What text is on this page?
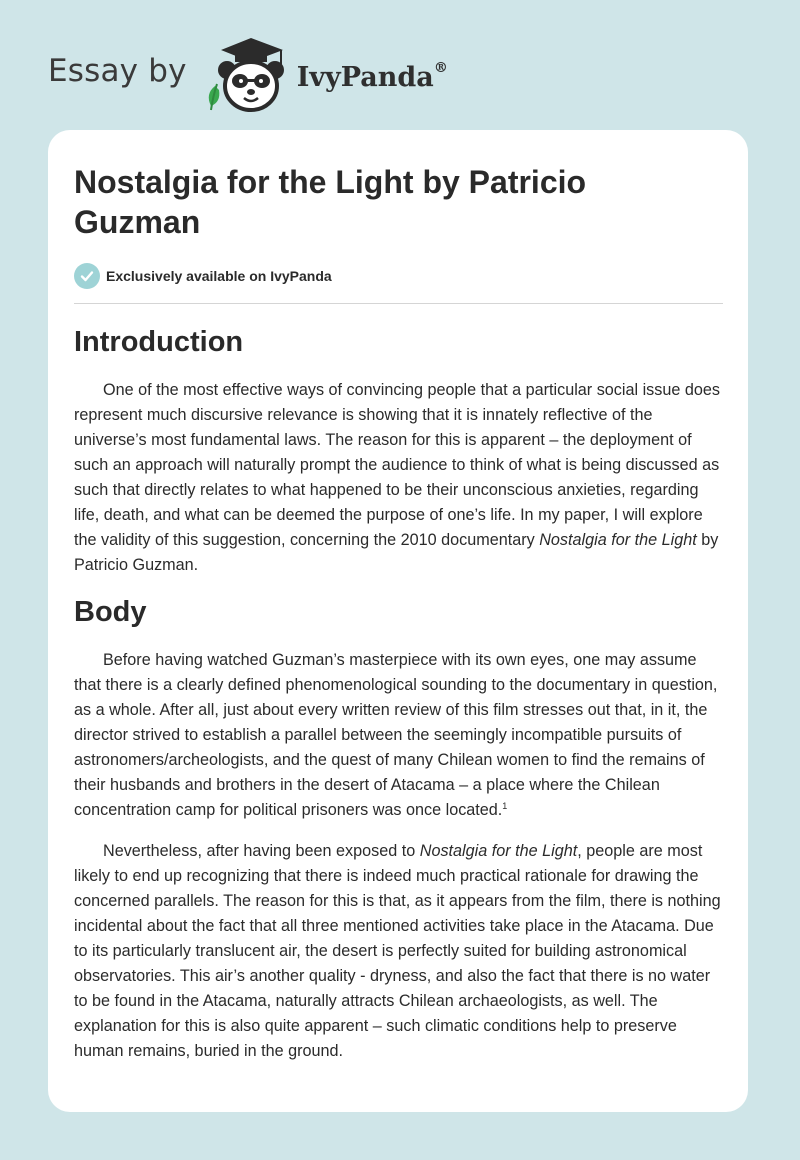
Essay by	IvyPanda®
Nostalgia for the Light by Patricio Guzman
Exclusively available on IvyPanda
Introduction

One of the most effective ways of convincing people that a particular social issue does represent much discursive relevance is showing that it is innately reflective of the universe’s most fundamental laws. The reason for this is apparent – the deployment of such an approach will naturally prompt the audience to think of what is being discussed as such that directly relates to what happened to be their unconscious anxieties, regarding life, death, and what can be deemed the purpose of one’s life. In my paper, I will explore the validity of this suggestion, concerning the 2010 documentary Nostalgia for the Light by Patricio Guzman.

Body

Before having watched Guzman’s masterpiece with its own eyes, one may assume that there is a clearly defined phenomenological sounding to the documentary in question, as a whole. After all, just about every written review of this film stresses out that, in it, the director strived to establish a parallel between the seemingly incompatible pursuits of astronomers/archeologists, and the quest of many Chilean women to find the remains of their husbands and brothers in the desert of Atacama – a place where the Chilean concentration camp for political prisoners was once located.$^1$

Nevertheless, after having been exposed to Nostalgia for the Light, people are most likely to end up recognizing that there is indeed much practical rationale for drawing the concerned parallels. The reason for this is that, as it appears from the film, there is nothing incidental about the fact that all three mentioned activities take place in the Atacama. Due to its particularly translucent air, the desert is perfectly suited for building astronomical observatories. This air’s another quality - dryness, and also the fact that there is no water to be found in the Atacama, naturally attracts Chilean archaeologists, as well. The explanation for this is also quite apparent – such climatic conditions help to preserve human remains, buried in the ground.
